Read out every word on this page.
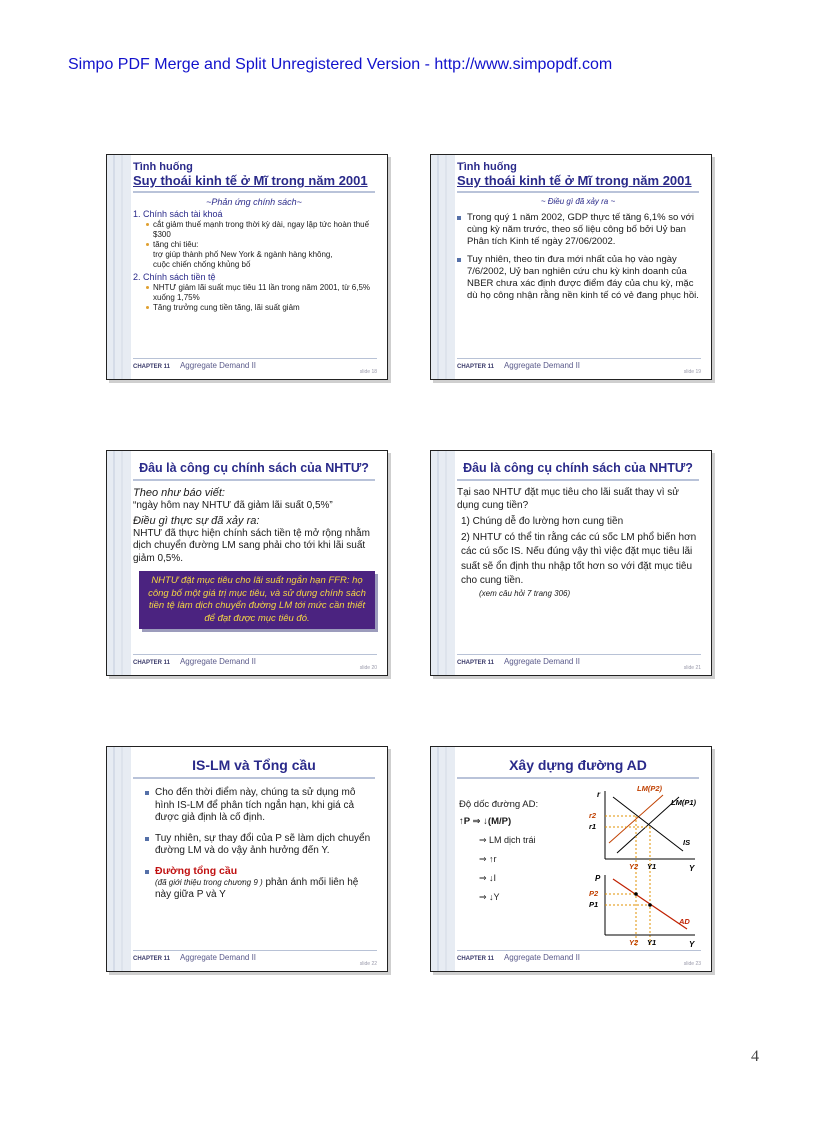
Simpo PDF Merge and Split Unregistered Version - http://www.simpopdf.com
Tình huống
Suy thoái kinh tế ở Mĩ trong năm 2001
~Phản ứng chính sách~
1. Chính sách tài khoá
cắt giảm thuế mạnh trong thời kỳ dài, ngay lập tức hoàn thuế $300
tăng chi tiêu:
trợ giúp thành phố New York & ngành hàng không,
cuộc chiến chống khủng bố
2. Chính sách tiền tệ
NHTƯ giảm lãi suất mục tiêu 11 lần trong năm 2001, từ 6,5% xuống 1,75%
Tăng trưởng cung tiền tăng, lãi suất giảm
CHAPTER 11 Aggregate Demand II
slide 18
Tình huống
Suy thoái kinh tế ở Mĩ trong năm 2001
~ Điều gì đã xảy ra ~
Trong quý 1 năm 2002, GDP thực tế tăng 6,1% so với cùng kỳ năm trước, theo số liệu công bố bởi Uỷ ban Phân tích Kinh tế ngày 27/06/2002.
Tuy nhiên, theo tin đưa mới nhất của họ vào ngày 7/6/2002, Uỷ ban nghiên cứu chu kỳ kinh doanh của NBER chưa xác định được điểm đáy của chu kỳ, mặc dù họ công nhận rằng nền kinh tế có vẻ đang phục hồi.
CHAPTER 11 Aggregate Demand II
slide 19
Đâu là công cụ chính sách của NHTƯ?
Theo như báo viết:
“ngày hôm nay NHTƯ đã giảm lãi suất 0,5%”
Điều gì thực sự đã xảy ra:
NHTƯ đã thực hiện chính sách tiền tệ mở rộng nhằm dịch chuyển đường LM sang phải cho tới khi lãi suất giảm 0,5%.
NHTƯ đặt mục tiêu cho lãi suất ngắn hạn FFR: họ công bố một giá trị mục tiêu, và sử dụng chính sách tiền tệ làm dịch chuyển đường LM tới mức cần thiết để đạt được mục tiêu đó.
CHAPTER 11 Aggregate Demand II
slide 20
Đâu là công cụ chính sách của NHTƯ?
Tại sao NHTƯ đặt mục tiêu cho lãi suất thay vì sử dụng cung tiền?
1) Chúng dễ đo lường hơn cung tiền
2) NHTƯ có thể tin rằng các cú sốc LM phổ biến hơn các cú sốc IS. Nếu đúng vậy thì việc đặt mục tiêu lãi suất sẽ ổn định thu nhập tốt hơn so với đặt mục tiêu cho cung tiền.
(xem câu hỏi 7 trang 306)
CHAPTER 11 Aggregate Demand II
slide 21
IS-LM và Tổng cầu
Cho đến thời điểm này, chúng ta sử dụng mô hình IS-LM để phân tích ngắn hạn, khi giá cả được giả định là cố định.
Tuy nhiên, sự thay đổi của P sẽ làm dịch chuyển đường LM và do vậy ảnh hưởng đến Y.
Đường tổng cầu
(đã giới thiệu trong chương 9 ) phản ánh mối liên hệ này giữa P và Y
CHAPTER 11 Aggregate Demand II
slide 22
Xây dựng đường AD
Độ dốc đường AD:
↑P ⇒ ↓(M/P)
⇒ LM dịch trái
⇒ ↑r
⇒ ↓I
⇒ ↓Y
r
Y
LM(P2)
LM(P1)
IS
r2
r1
Y2 Y1
P
Y
P2
P1
AD
Y2 Y1
CHAPTER 11 Aggregate Demand II
slide 23
4
